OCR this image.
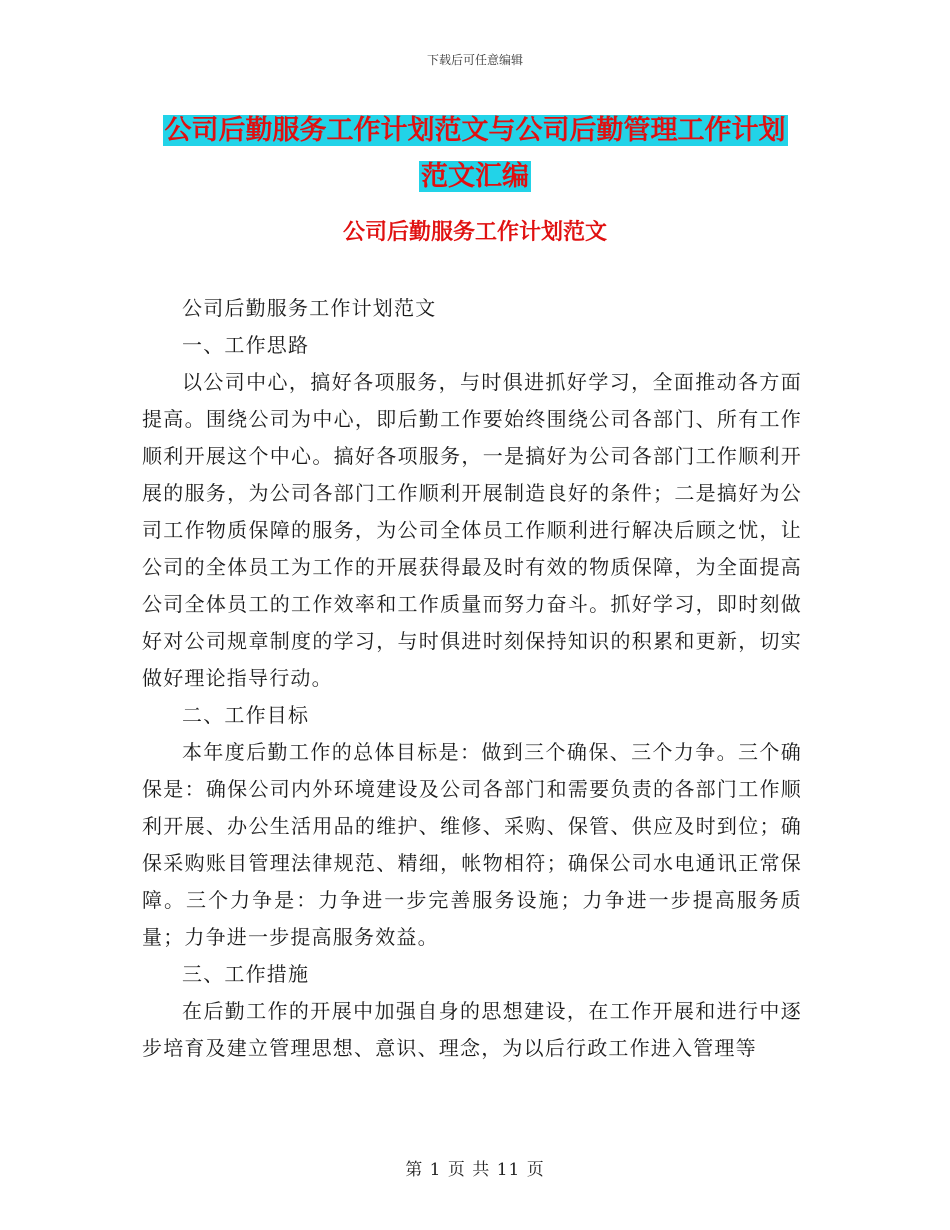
下载后可任意编辑
公司后勤服务工作计划范文与公司后勤管理工作计划
范文汇编
公司后勤服务工作计划范文

公司后勤服务工作计划范文

一、工作思路

以公司中心，搞好各项服务，与时俱进抓好学习，全面推动各方面提高。围绕公司为中心，即后勤工作要始终围绕公司各部门、所有工作顺利开展这个中心。搞好各项服务，一是搞好为公司各部门工作顺利开展的服务，为公司各部门工作顺利开展制造良好的条件；二是搞好为公司工作物质保障的服务，为公司全体员工作顺利进行解决后顾之忧，让公司的全体员工为工作的开展获得最及时有效的物质保障，为全面提高公司全体员工的工作效率和工作质量而努力奋斗。抓好学习，即时刻做好对公司规章制度的学习，与时俱进时刻保持知识的积累和更新，切实做好理论指导行动。

二、工作目标

本年度后勤工作的总体目标是：做到三个确保、三个力争。三个确保是：确保公司内外环境建设及公司各部门和需要负责的各部门工作顺利开展、办公生活用品的维护、维修、采购、保管、供应及时到位；确保采购账目管理法律规范、精细，帐物相符；确保公司水电通讯正常保障。三个力争是：力争进一步完善服务设施；力争进一步提高服务质量；力争进一步提高服务效益。

三、工作措施

在后勤工作的开展中加强自身的思想建设，在工作开展和进行中逐步培育及建立管理思想、意识、理念，为以后行政工作进入管理等

第 1 页 共 11 页
